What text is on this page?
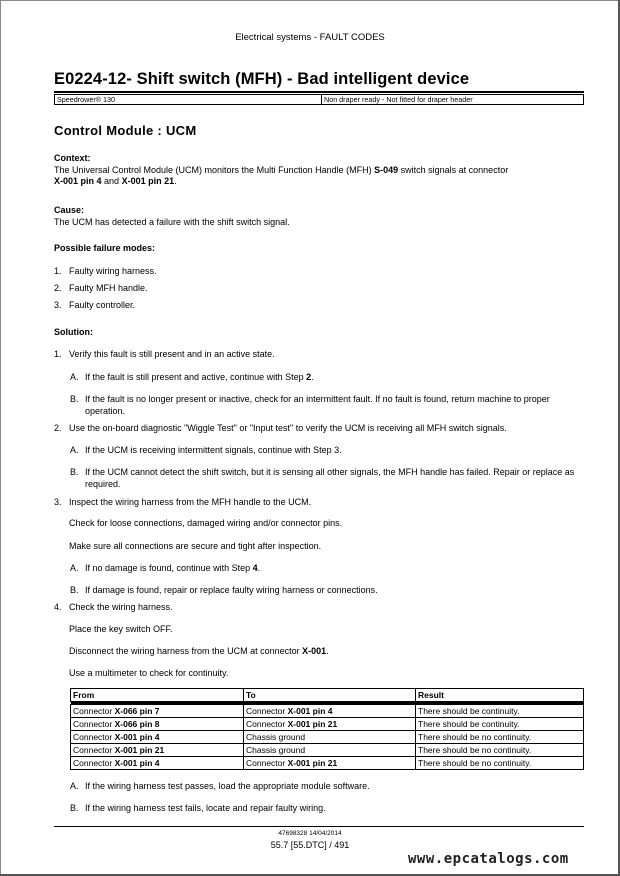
Electrical systems - FAULT CODES
E0224-12- Shift switch (MFH) - Bad intelligent device
Speedrower® 130	Non draper ready - Not fitted for draper header
Control Module : UCM
Context:
The Universal Control Module (UCM) monitors the Multi Function Handle (MFH) S-049 switch signals at connector
X-001 pin 4 and X-001 pin 21.
Cause:
The UCM has detected a failure with the shift switch signal.
Possible failure modes:
1. Faulty wiring harness.
2. Faulty MFH handle.
3. Faulty controller.
Solution:
1. Verify this fault is still present and in an active state.
A. If the fault is still present and active, continue with Step 2.
B. If the fault is no longer present or inactive, check for an intermittent fault. If no fault is found, return machine to proper operation.
2. Use the on-board diagnostic "Wiggle Test" or "Input test" to verify the UCM is receiving all MFH switch signals.
A. If the UCM is receiving intermittent signals, continue with Step 3.
B. If the UCM cannot detect the shift switch, but it is sensing all other signals, the MFH handle has failed. Repair or replace as required.
3. Inspect the wiring harness from the MFH handle to the UCM.
Check for loose connections, damaged wiring and/or connector pins.
Make sure all connections are secure and tight after inspection.
A. If no damage is found, continue with Step 4.
B. If damage is found, repair or replace faulty wiring harness or connections.
4. Check the wiring harness.
Place the key switch OFF.
Disconnect the wiring harness from the UCM at connector X-001.
Use a multimeter to check for continuity.
From	To	Result

Connector X-066 pin 7	Connector X-001 pin 4	There should be continuity.
Connector X-066 pin 8	Connector X-001 pin 21	There should be continuity.
Connector X-001 pin 4	Chassis ground	There should be no continuity.
Connector X-001 pin 21	Chassis ground	There should be no continuity.
Connector X-001 pin 4	Connector X-001 pin 21	There should be no continuity.
A. If the wiring harness test passes, load the appropriate module software.
B. If the wiring harness test fails, locate and repair faulty wiring.
47698328 14/04/2014
55.7 [55.DTC] / 491
www.epcatalogs.com
